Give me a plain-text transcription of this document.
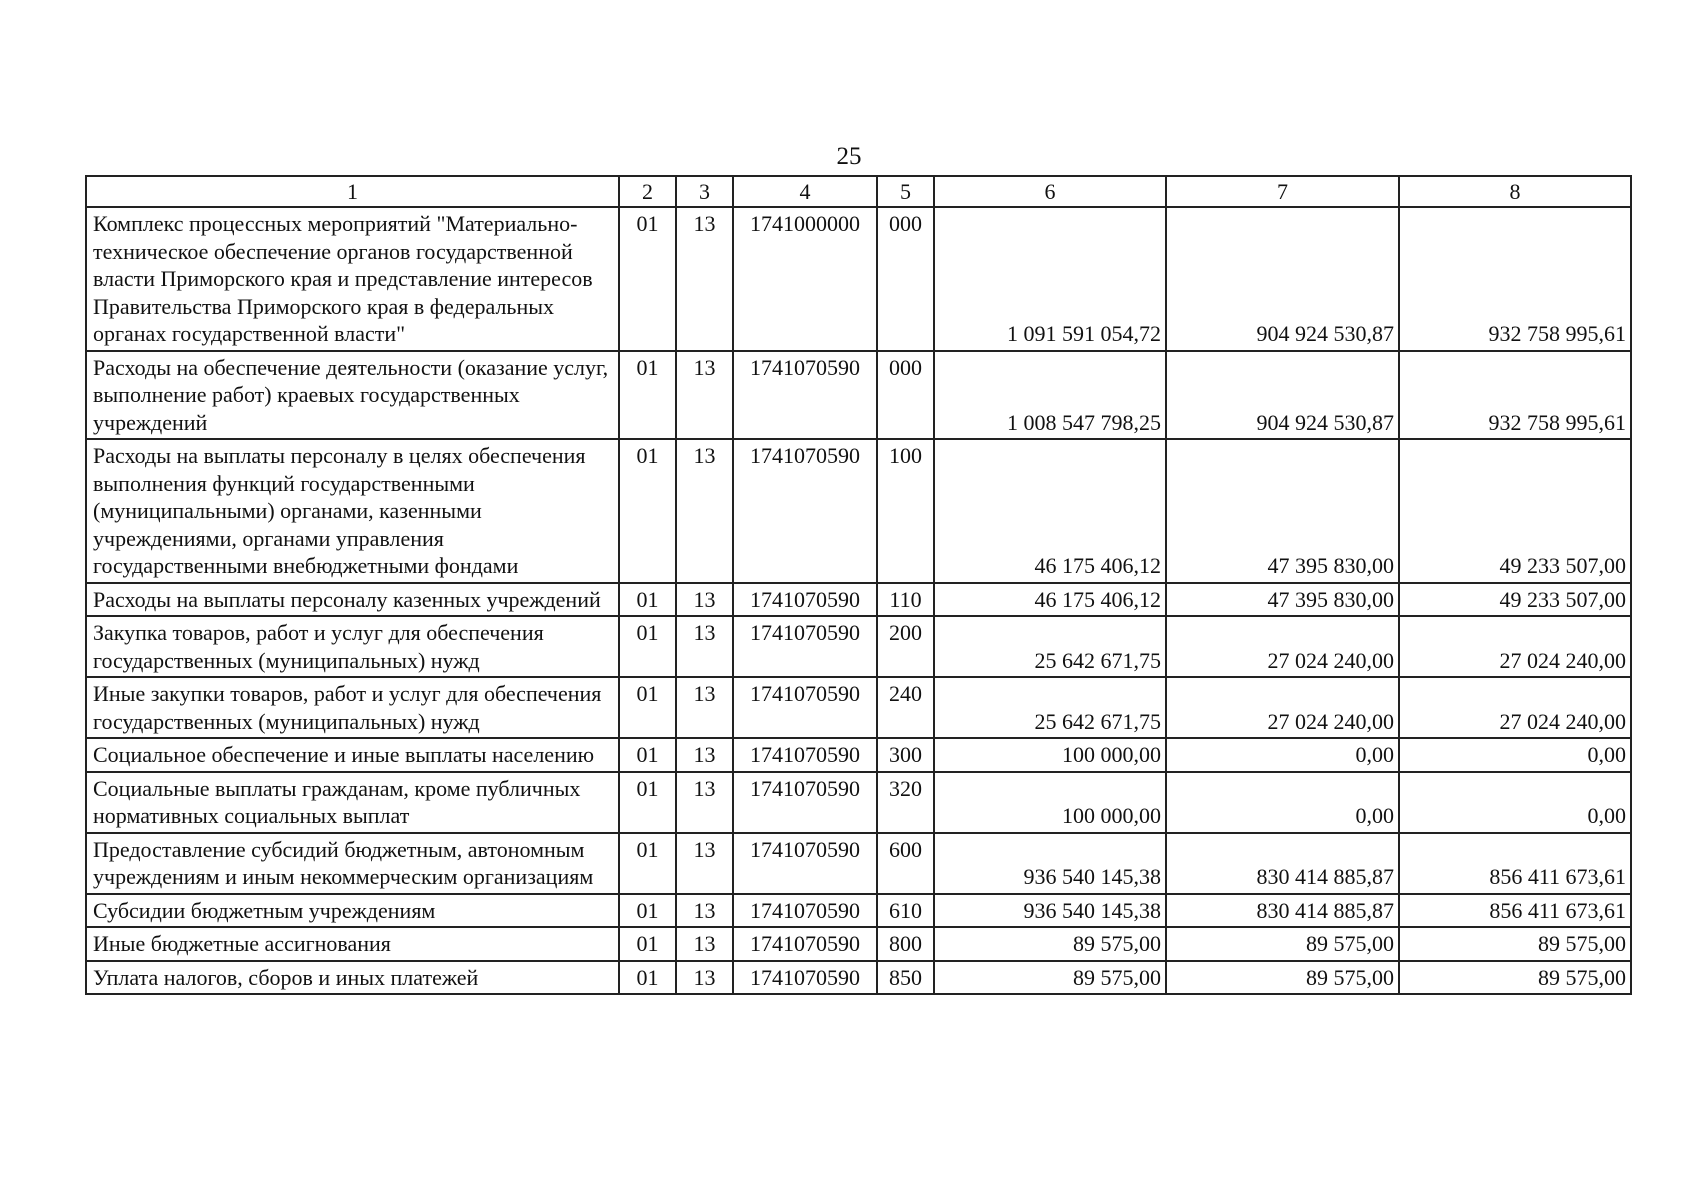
25
1	2	3	4	5	6	7	8
Комплекс процессных мероприятий "Материально-техническое обеспечение органов государственной власти Приморского края и представление интересов Правительства Приморского края в федеральных органах государственной власти"	01	13	1741000000	000	1 091 591 054,72	904 924 530,87	932 758 995,61
Расходы на обеспечение деятельности (оказание услуг, выполнение работ) краевых государственных учреждений	01	13	1741070590	000	1 008 547 798,25	904 924 530,87	932 758 995,61
Расходы на выплаты персоналу в целях обеспечения выполнения функций государственными (муниципальными) органами, казенными учреждениями, органами управления государственными внебюджетными фондами	01	13	1741070590	100	46 175 406,12	47 395 830,00	49 233 507,00
Расходы на выплаты персоналу казенных учреждений	01	13	1741070590	110	46 175 406,12	47 395 830,00	49 233 507,00
Закупка товаров, работ и услуг для обеспечения государственных (муниципальных) нужд	01	13	1741070590	200	25 642 671,75	27 024 240,00	27 024 240,00
Иные закупки товаров, работ и услуг для обеспечения государственных (муниципальных) нужд	01	13	1741070590	240	25 642 671,75	27 024 240,00	27 024 240,00
Социальное обеспечение и иные выплаты населению	01	13	1741070590	300	100 000,00	0,00	0,00
Социальные выплаты гражданам, кроме публичных нормативных социальных выплат	01	13	1741070590	320	100 000,00	0,00	0,00
Предоставление субсидий бюджетным, автономным учреждениям и иным некоммерческим организациям	01	13	1741070590	600	936 540 145,38	830 414 885,87	856 411 673,61
Субсидии бюджетным учреждениям	01	13	1741070590	610	936 540 145,38	830 414 885,87	856 411 673,61
Иные бюджетные ассигнования	01	13	1741070590	800	89 575,00	89 575,00	89 575,00
Уплата налогов, сборов и иных платежей	01	13	1741070590	850	89 575,00	89 575,00	89 575,00
